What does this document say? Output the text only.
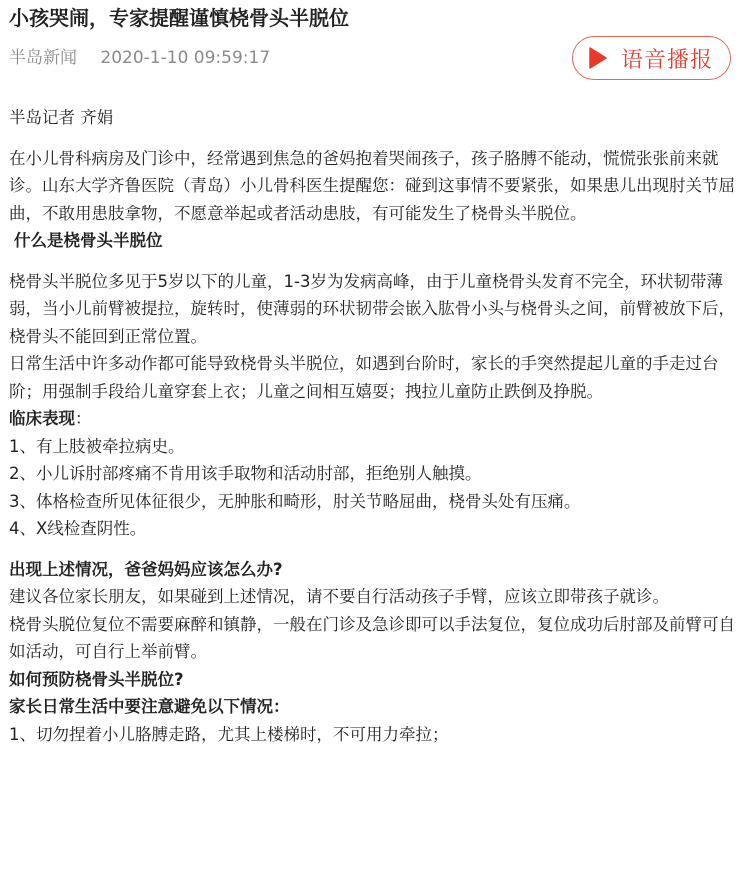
小孩哭闹，专家提醒谨慎桡骨头半脱位
半岛新闻 2020-1-10 09:59:17	语音播报

半岛记者 齐娟

在小儿骨科病房及门诊中，经常遇到焦急的爸妈抱着哭闹孩子，孩子胳膊不能动，慌慌张张前来就诊。山东大学齐鲁医院（青岛）小儿骨科医生提醒您：碰到这事情不要紧张，如果患儿出现肘关节屈曲，不敢用患肢拿物，不愿意举起或者活动患肢，有可能发生了桡骨头半脱位。

什么是桡骨头半脱位

桡骨头半脱位多见于5岁以下的儿童，1-3岁为发病高峰，由于儿童桡骨头发育不完全，环状韧带薄弱，当小儿前臂被提拉，旋转时，使薄弱的环状韧带会嵌入肱骨小头与桡骨头之间，前臂被放下后，桡骨头不能回到正常位置。

日常生活中许多动作都可能导致桡骨头半脱位，如遇到台阶时，家长的手突然提起儿童的手走过台阶；用强制手段给儿童穿套上衣；儿童之间相互嬉耍；拽拉儿童防止跌倒及挣脱。

临床表现：

1、有上肢被牵拉病史。

2、小儿诉肘部疼痛不肯用该手取物和活动肘部，拒绝别人触摸。

3、体格检查所见体征很少，无肿胀和畸形，肘关节略屈曲，桡骨头处有压痛。

4、X线检查阴性。

出现上述情况，爸爸妈妈应该怎么办?

建议各位家长朋友，如果碰到上述情况，请不要自行活动孩子手臂，应该立即带孩子就诊。

桡骨头脱位复位不需要麻醉和镇静，一般在门诊及急诊即可以手法复位，复位成功后肘部及前臂可自如活动，可自行上举前臂。

如何预防桡骨头半脱位?

家长日常生活中要注意避免以下情况：

1、切勿捏着小儿胳膊走路，尤其上楼梯时，不可用力牵拉；
